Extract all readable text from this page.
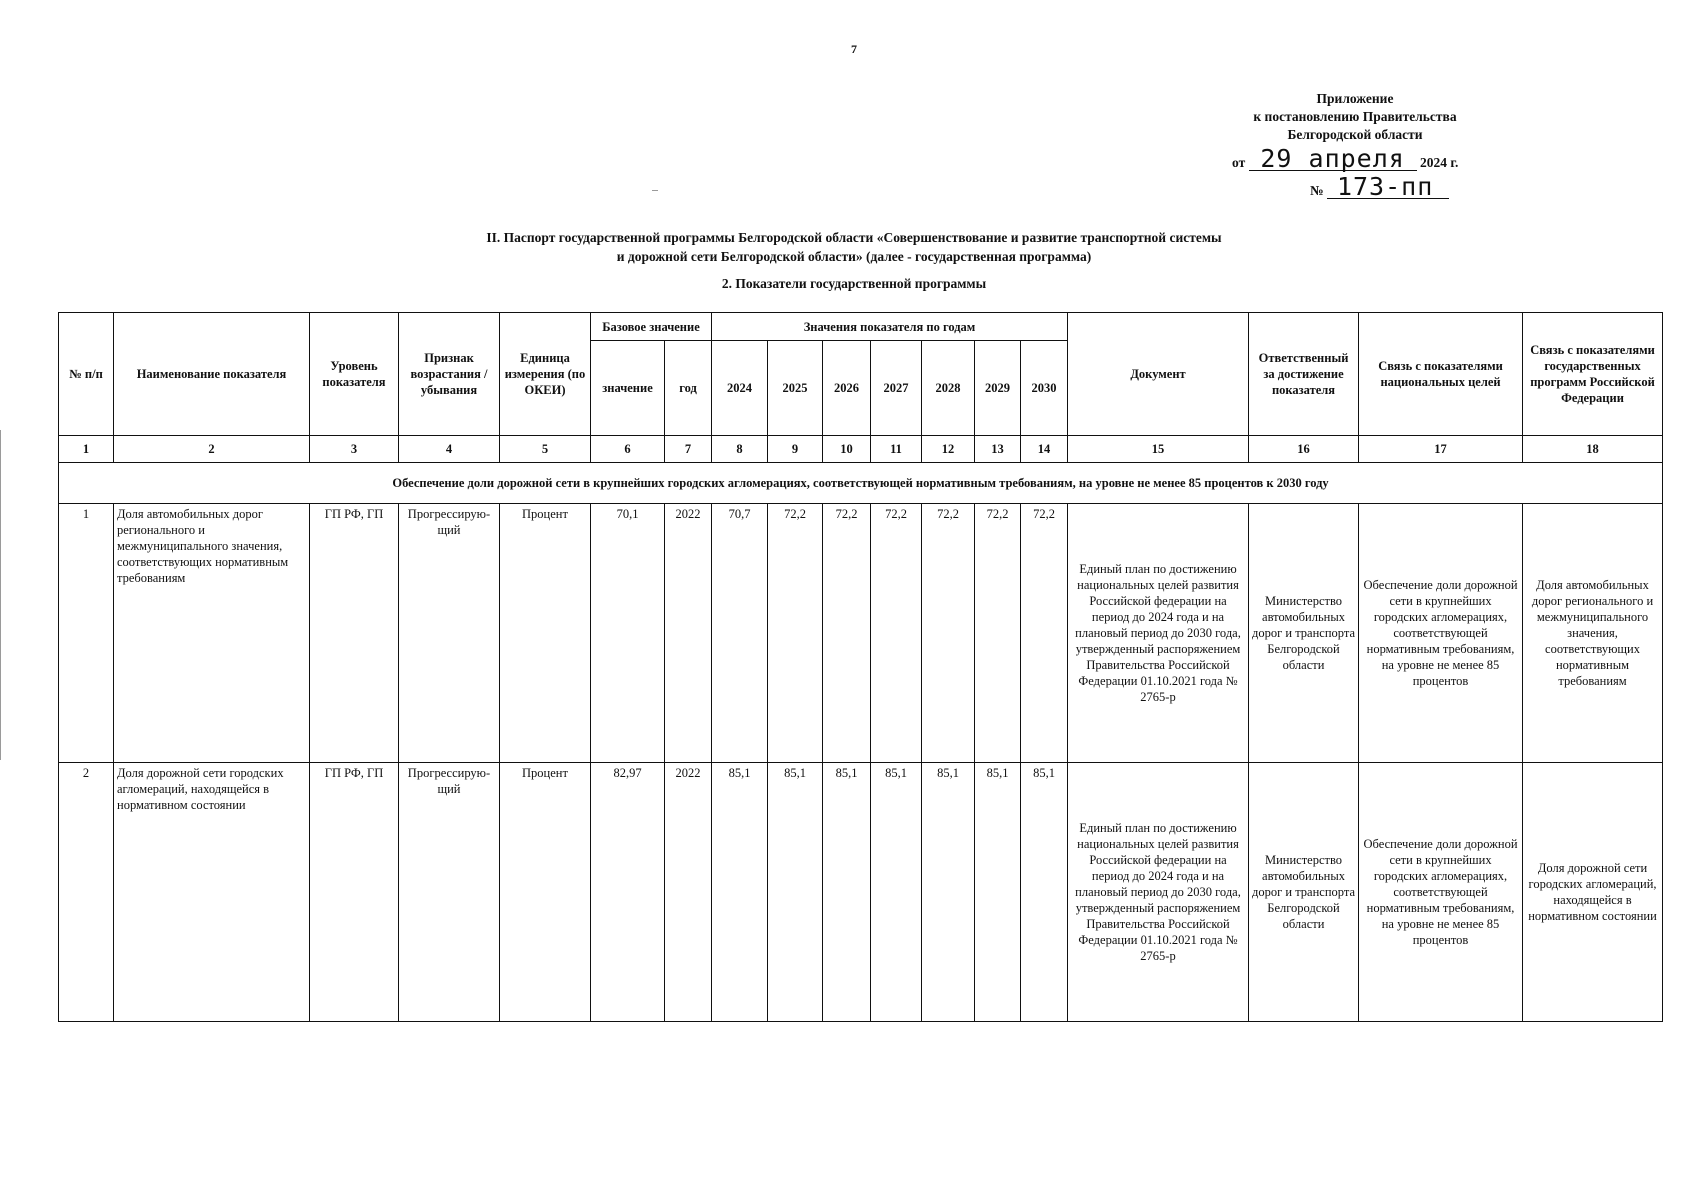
7
Приложение
к постановлению Правительства
Белгородской области
от 29 апреля 2024 г.
№ 173-пп
II. Паспорт государственной программы Белгородской области «Совершенствование и развитие транспортной системы
и дорожной сети Белгородской области» (далее - государственная программа)
2. Показатели государственной программы
№ п/п	Наименование показателя	Уровень показателя	Признак возрастания / убывания	Единица измерения (по ОКЕИ)	Базовое значение		Значения показателя по годам							Документ	Ответственный за достижение показателя	Связь с показателями национальных целей	Связь с показателями государственных программ Российской Федерации
					значение	год	2024	2025	2026	2027	2028	2029	2030				
1	2	3	4	5	6	7	8	9	10	11	12	13	14	15	16	17	18
Обеспечение доли дорожной сети в крупнейших городских агломерациях, соответствующей нормативным требованиям, на уровне не менее 85 процентов к 2030 году																	
1	Доля автомобильных дорог регионального и межмуниципального значения, соответствующих нормативным требованиям	ГП РФ, ГП	Прогрессирую-щий	Процент	70,1	2022	70,7	72,2	72,2	72,2	72,2	72,2	72,2	Единый план по достижению национальных целей развития Российской федерации на период до 2024 года и на плановый период до 2030 года, утвержденный распоряжением Правительства Российской Федерации 01.10.2021 года № 2765-р	Министерство автомобильных дорог и транспорта Белгородской области	Обеспечение доли дорожной сети в крупнейших городских агломерациях, соответствующей нормативным требованиям, на уровне не менее 85 процентов	Доля автомобильных дорог регионального и межмуниципального значения, соответствующих нормативным требованиям
2	Доля дорожной сети городских агломераций, находящейся в нормативном состоянии	ГП РФ, ГП	Прогрессирую-щий	Процент	82,97	2022	85,1	85,1	85,1	85,1	85,1	85,1	85,1	Единый план по достижению национальных целей развития Российской федерации на период до 2024 года и на плановый период до 2030 года, утвержденный распоряжением Правительства Российской Федерации 01.10.2021 года № 2765-р	Министерство автомобильных дорог и транспорта Белгородской области	Обеспечение доли дорожной сети в крупнейших городских агломерациях, соответствующей нормативным требованиям, на уровне не менее 85 процентов	Доля дорожной сети городских агломераций, находящейся в нормативном состоянии
